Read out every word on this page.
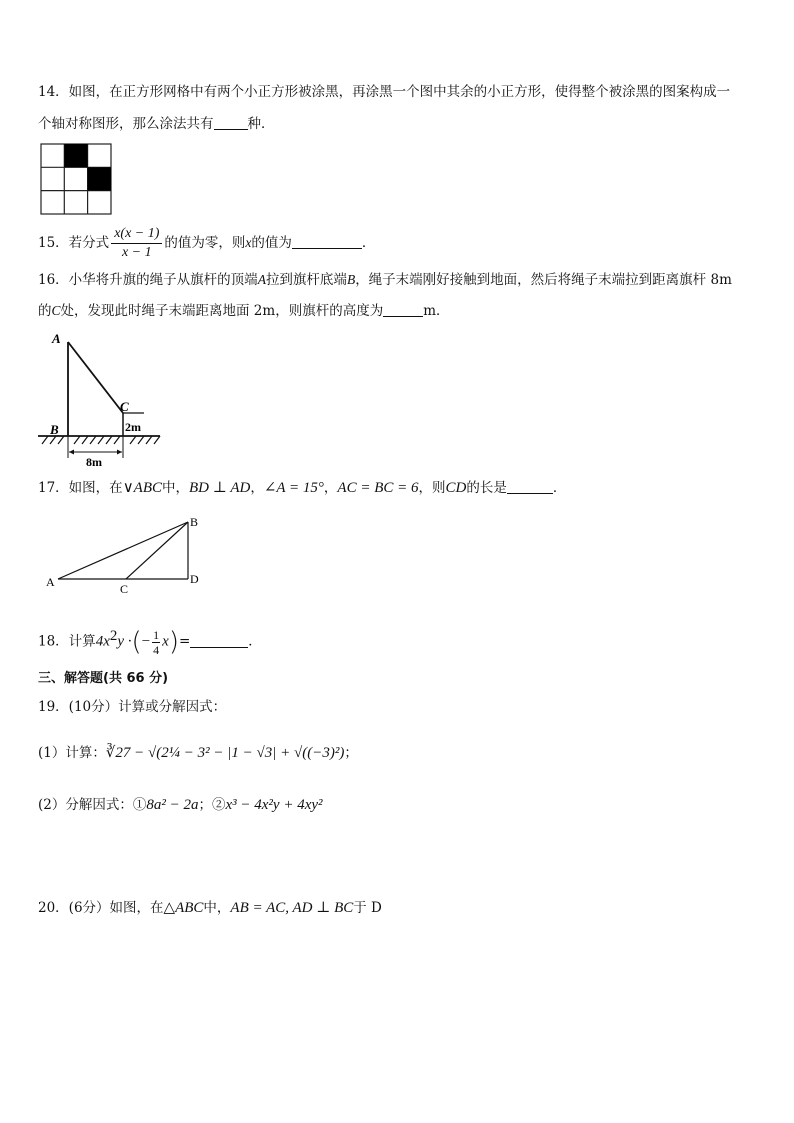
14．如图，在正方形网格中有两个小正方形被涂黑，再涂黑一个图中其余的小正方形，使得整个被涂黑的图案构成一
个轴对称图形，那么涂法共有	种．
15．若分式 $\frac{x(x - 1)}{x - 1}$ 的值为零，则x的值为	．
16．小华将升旗的绳子从旗杆的顶端A拉到旗杆底端B，绳子末端刚好接触到地面，然后将绳子末端拉到距离旗杆 8m
的C处，发现此时绳子末端距离地面 2m，则旗杆的高度为	m．
A
B
C
2m
8m
17．如图，在∨ABC中，BD ⊥ AD，∠A = 15°，AC = BC = 6，则CD的长是	．
A
B
C
D
18．计算$4x^2y$ ·(− $\frac{1}{4} x)=$	．
三、解答题(共 66 分)
19．(10分）计算或分解因式：
(1）计算：∛27 − √(2¼ − 3² − |1 − √3| + √((−3)²)；
(2）分解因式：①8a² − 2a；②x³ − 4x²y + 4xy²
20．(6分）如图，在△ABC中，AB = AC, AD ⊥ BC于 D
